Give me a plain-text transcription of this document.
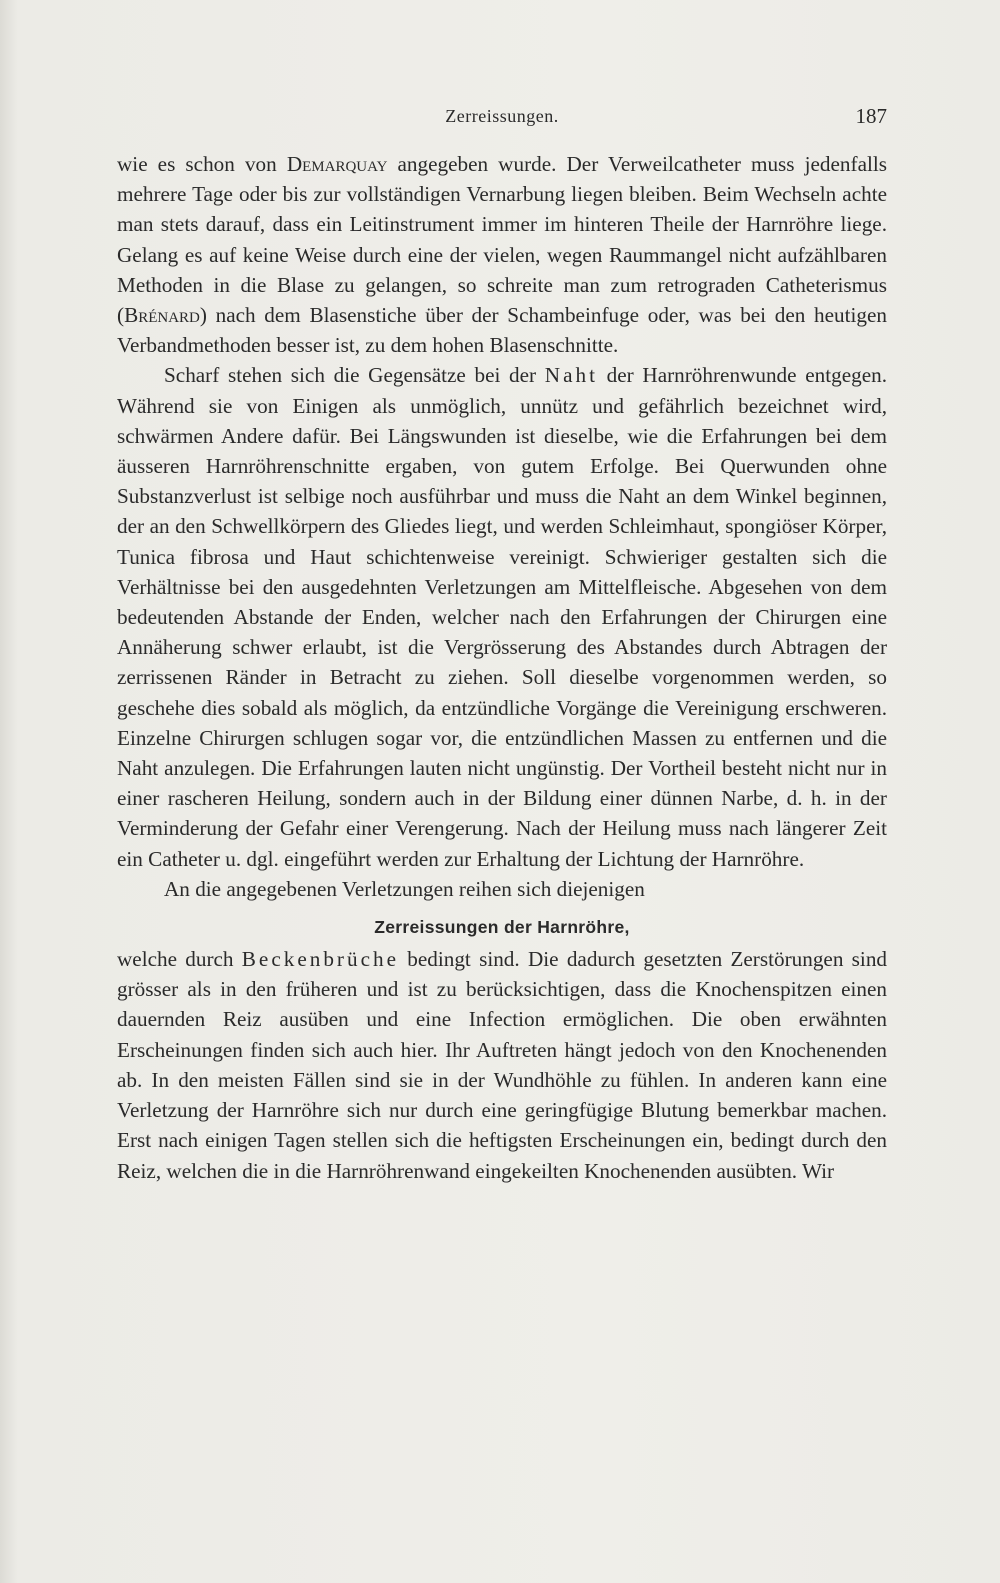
Zerreissungen.	187

wie es schon von Demarquay angegeben wurde. Der Verweilcatheter muss jedenfalls mehrere Tage oder bis zur vollständigen Vernarbung liegen bleiben. Beim Wechseln achte man stets darauf, dass ein Leitinstrument immer im hinteren Theile der Harnröhre liege. Gelang es auf keine Weise durch eine der vielen, wegen Raummangel nicht aufzählbaren Methoden in die Blase zu gelangen, so schreite man zum retrograden Catheterismus (Brénard) nach dem Blasenstiche über der Schambeinfuge oder, was bei den heutigen Verbandmethoden besser ist, zu dem hohen Blasenschnitte.

Scharf stehen sich die Gegensätze bei der Naht der Harnröhrenwunde entgegen. Während sie von Einigen als unmöglich, unnütz und gefährlich bezeichnet wird, schwärmen Andere dafür. Bei Längswunden ist dieselbe, wie die Erfahrungen bei dem äusseren Harnröhrenschnitte ergaben, von gutem Erfolge. Bei Querwunden ohne Substanzverlust ist selbige noch ausführbar und muss die Naht an dem Winkel beginnen, der an den Schwellkörpern des Gliedes liegt, und werden Schleimhaut, spongiöser Körper, Tunica fibrosa und Haut schichtenweise vereinigt. Schwieriger gestalten sich die Verhältnisse bei den ausgedehnten Verletzungen am Mittelfleische. Abgesehen von dem bedeutenden Abstande der Enden, welcher nach den Erfahrungen der Chirurgen eine Annäherung schwer erlaubt, ist die Vergrösserung des Abstandes durch Abtragen der zerrissenen Ränder in Betracht zu ziehen. Soll dieselbe vorgenommen werden, so geschehe dies sobald als möglich, da entzündliche Vorgänge die Vereinigung erschweren. Einzelne Chirurgen schlugen sogar vor, die entzündlichen Massen zu entfernen und die Naht anzulegen. Die Erfahrungen lauten nicht ungünstig. Der Vortheil besteht nicht nur in einer rascheren Heilung, sondern auch in der Bildung einer dünnen Narbe, d. h. in der Verminderung der Gefahr einer Verengerung. Nach der Heilung muss nach längerer Zeit ein Catheter u. dgl. eingeführt werden zur Erhaltung der Lichtung der Harnröhre.

An die angegebenen Verletzungen reihen sich diejenigen

Zerreissungen der Harnröhre,

welche durch Beckenbrüche bedingt sind. Die dadurch gesetzten Zerstörungen sind grösser als in den früheren und ist zu berücksichtigen, dass die Knochenspitzen einen dauernden Reiz ausüben und eine Infection ermöglichen. Die oben erwähnten Erscheinungen finden sich auch hier. Ihr Auftreten hängt jedoch von den Knochenenden ab. In den meisten Fällen sind sie in der Wundhöhle zu fühlen. In anderen kann eine Verletzung der Harnröhre sich nur durch eine geringfügige Blutung bemerkbar machen. Erst nach einigen Tagen stellen sich die heftigsten Erscheinungen ein, bedingt durch den Reiz, welchen die in die Harnröhrenwand eingekeilten Knochenenden ausübten. Wir
